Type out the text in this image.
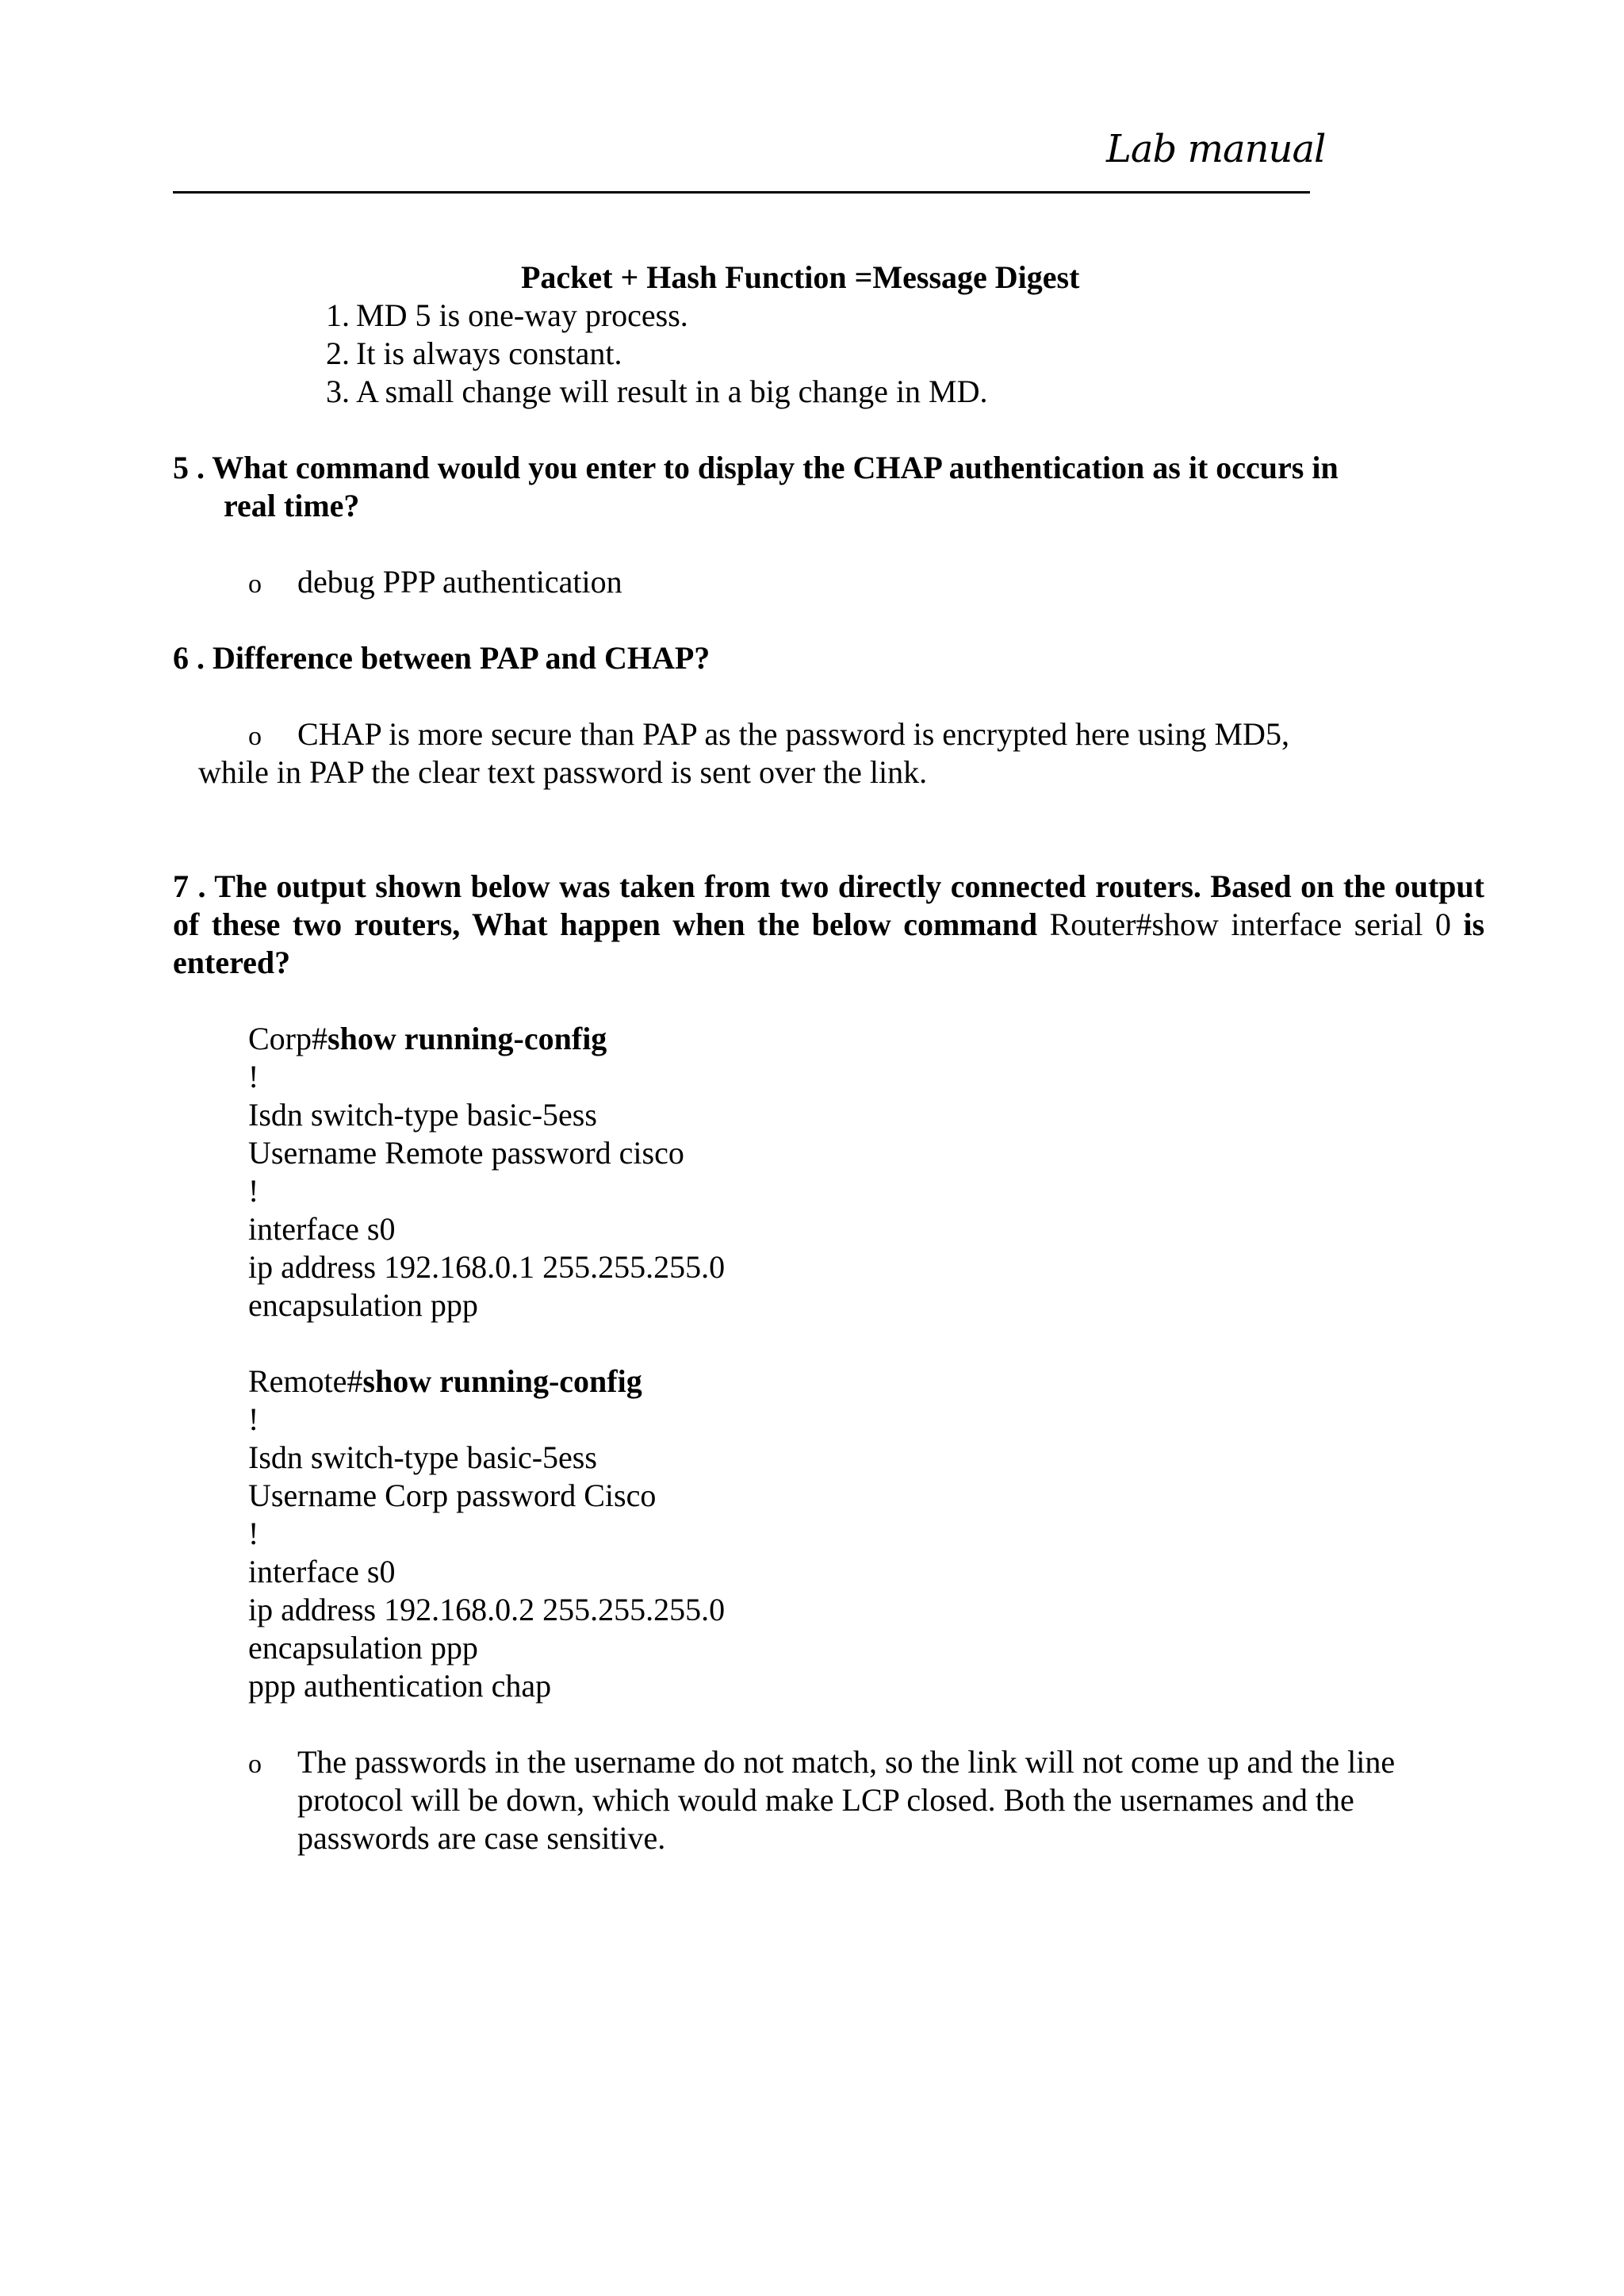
Lab manual
Packet + Hash Function =Message Digest
1. MD 5 is one-way process.
2. It is always constant.
3. A small change will result in a big change in MD.
5 . What command would you enter to display the CHAP authentication as it occurs in
real time?
o debug PPP authentication
6 . Difference between PAP and CHAP?
o CHAP is more secure than PAP as the password is encrypted here using MD5,
while in PAP the clear text password is sent over the link.
7 . The output shown below was taken from two directly connected routers. Based on the output of these two routers, What happen when the below command Router#show interface serial 0 is entered?
Corp#show running-config
!
Isdn switch-type basic-5ess
Username Remote password cisco
!
interface s0
ip address 192.168.0.1 255.255.255.0
encapsulation ppp
Remote#show running-config
!
Isdn switch-type basic-5ess
Username Corp password Cisco
!
interface s0
ip address 192.168.0.2 255.255.255.0
encapsulation ppp
ppp authentication chap
o The passwords in the username do not match, so the link will not come up and the line
protocol will be down, which would make LCP closed. Both the usernames and the
passwords are case sensitive.
